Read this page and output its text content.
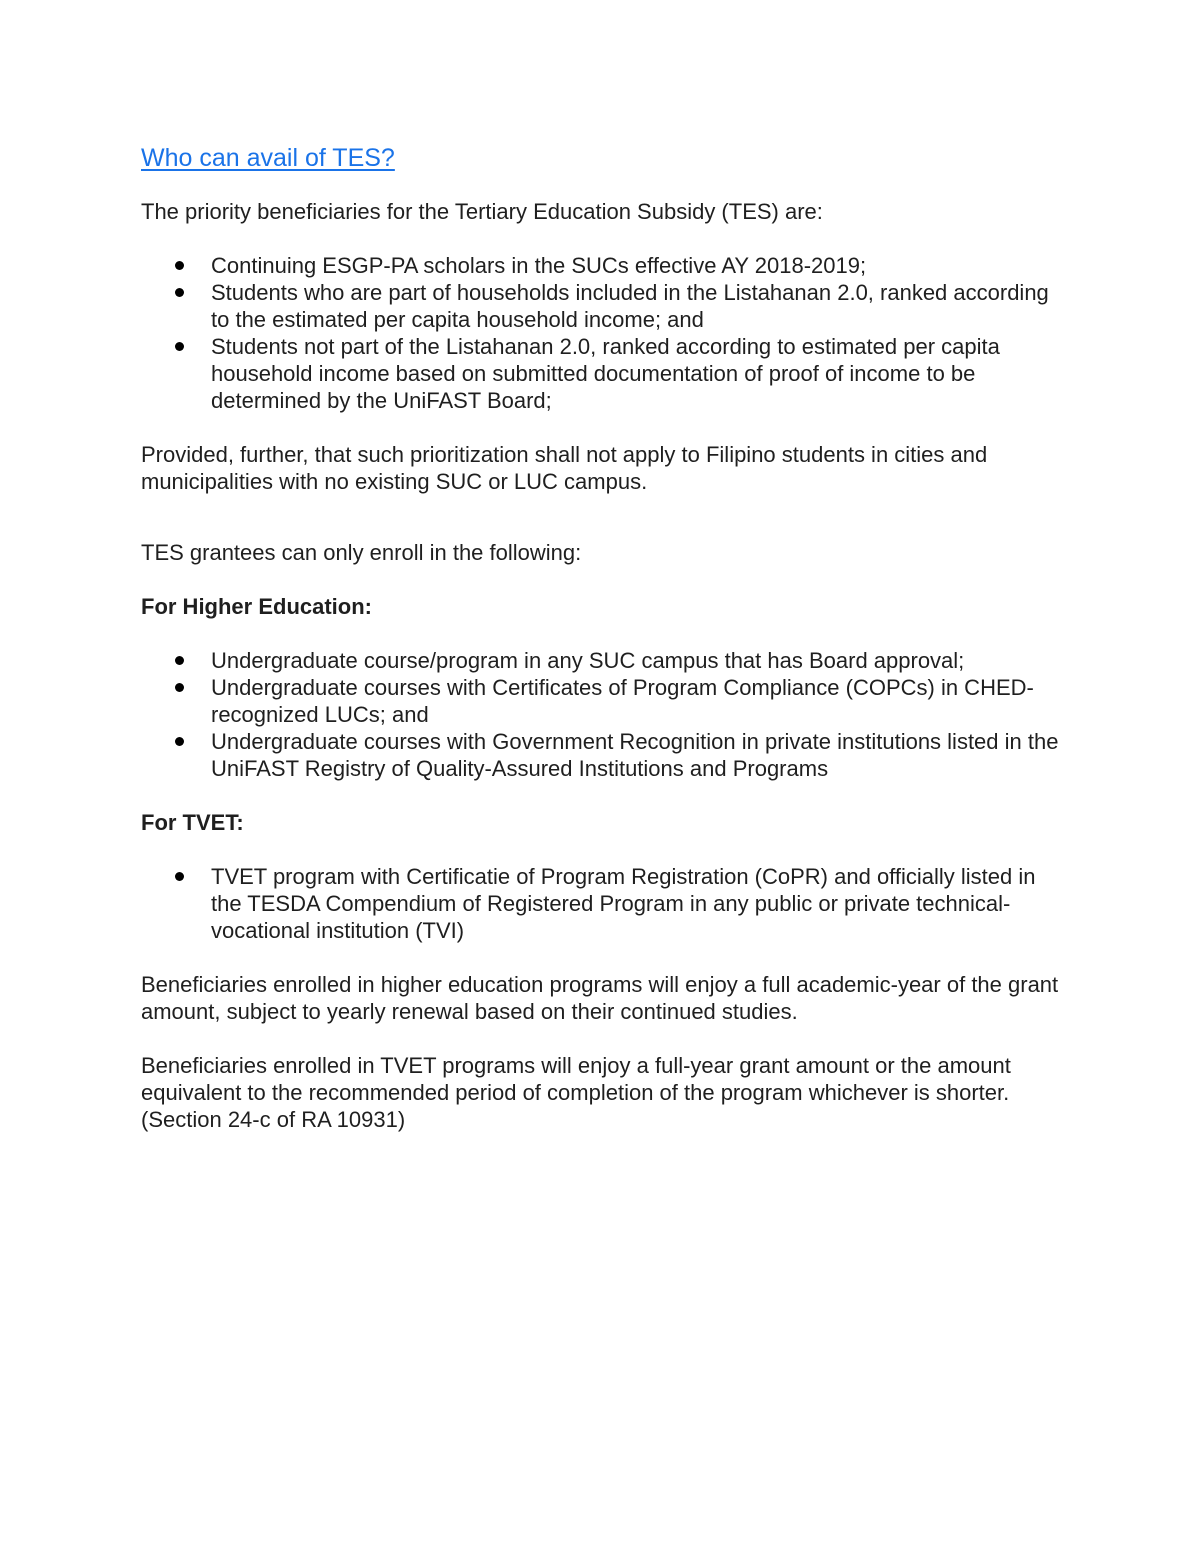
Who can avail of TES?

The priority beneficiaries for the Tertiary Education Subsidy (TES) are:

Continuing ESGP-PA scholars in the SUCs effective AY 2018-2019;
Students who are part of households included in the Listahanan 2.0, ranked according to the estimated per capita household income; and
Students not part of the Listahanan 2.0, ranked according to estimated per capita household income based on submitted documentation of proof of income to be determined by the UniFAST Board;

Provided, further, that such prioritization shall not apply to Filipino students in cities and municipalities with no existing SUC or LUC campus.

TES grantees can only enroll in the following:

For Higher Education:

Undergraduate course/program in any SUC campus that has Board approval;
Undergraduate courses with Certificates of Program Compliance (COPCs) in CHED-recognized LUCs; and
Undergraduate courses with Government Recognition in private institutions listed in the UniFAST Registry of Quality-Assured Institutions and Programs

For TVET:

TVET program with Certificatie of Program Registration (CoPR) and officially listed in the TESDA Compendium of Registered Program in any public or private technical-vocational institution (TVI)

Beneficiaries enrolled in higher education programs will enjoy a full academic-year of the grant amount, subject to yearly renewal based on their continued studies.

Beneficiaries enrolled in TVET programs will enjoy a full-year grant amount or the amount equivalent to the recommended period of completion of the program whichever is shorter. (Section 24-c of RA 10931)
